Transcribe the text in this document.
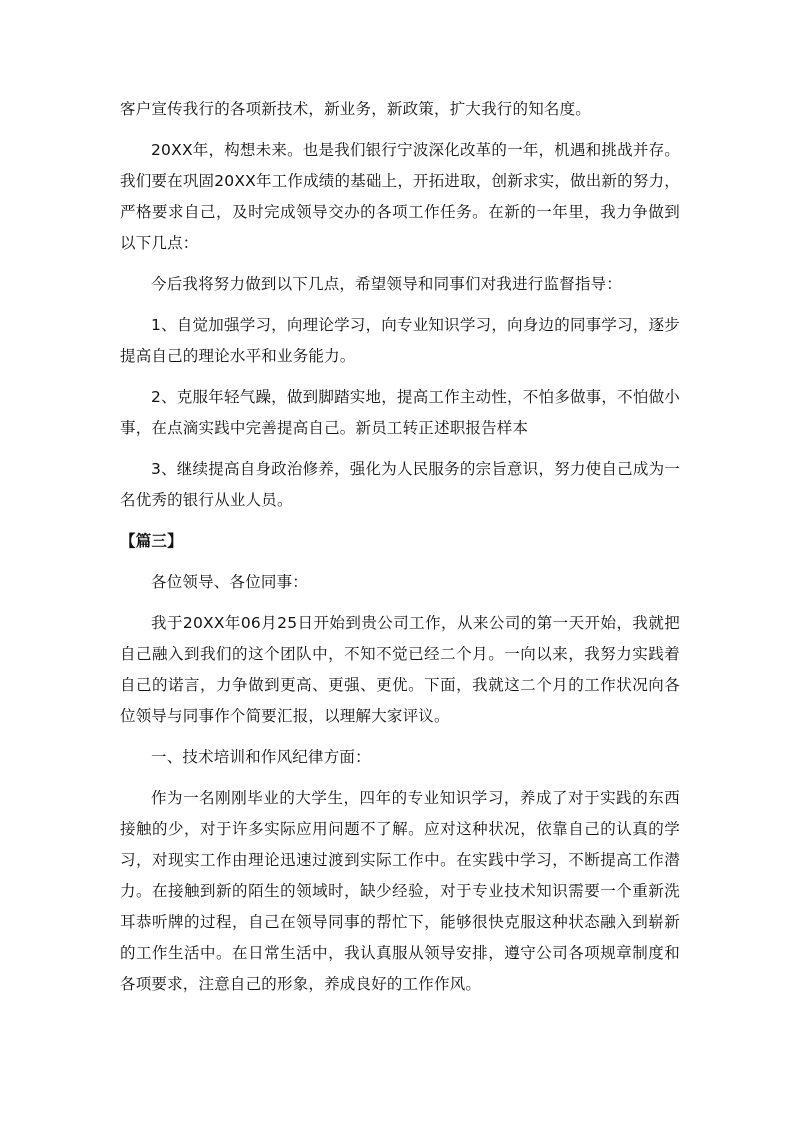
客户宣传我行的各项新技术，新业务，新政策，扩大我行的知名度。

20XX年，构想未来。也是我们银行宁波深化改革的一年，机遇和挑战并存。我们要在巩固20XX年工作成绩的基础上，开拓进取，创新求实，做出新的努力，严格要求自己，及时完成领导交办的各项工作任务。在新的一年里，我力争做到以下几点：

今后我将努力做到以下几点，希望领导和同事们对我进行监督指导：

1、自觉加强学习，向理论学习，向专业知识学习，向身边的同事学习，逐步提高自己的理论水平和业务能力。

2、克服年轻气躁，做到脚踏实地，提高工作主动性，不怕多做事，不怕做小事，在点滴实践中完善提高自己。新员工转正述职报告样本

3、继续提高自身政治修养，强化为人民服务的宗旨意识，努力使自己成为一名优秀的银行从业人员。

【篇三】

各位领导、各位同事：

我于20XX年06月25日开始到贵公司工作，从来公司的第一天开始，我就把自己融入到我们的这个团队中，不知不觉已经二个月。一向以来，我努力实践着自己的诺言，力争做到更高、更强、更优。下面，我就这二个月的工作状况向各位领导与同事作个简要汇报，以理解大家评议。

一、技术培训和作风纪律方面：

作为一名刚刚毕业的大学生，四年的专业知识学习，养成了对于实践的东西接触的少，对于许多实际应用问题不了解。应对这种状况，依靠自己的认真的学习，对现实工作由理论迅速过渡到实际工作中。在实践中学习，不断提高工作潜力。在接触到新的陌生的领域时，缺少经验，对于专业技术知识需要一个重新洗耳恭听牌的过程，自己在领导同事的帮忙下，能够很快克服这种状态融入到崭新的工作生活中。在日常生活中，我认真服从领导安排，遵守公司各项规章制度和各项要求，注意自己的形象，养成良好的工作作风。
